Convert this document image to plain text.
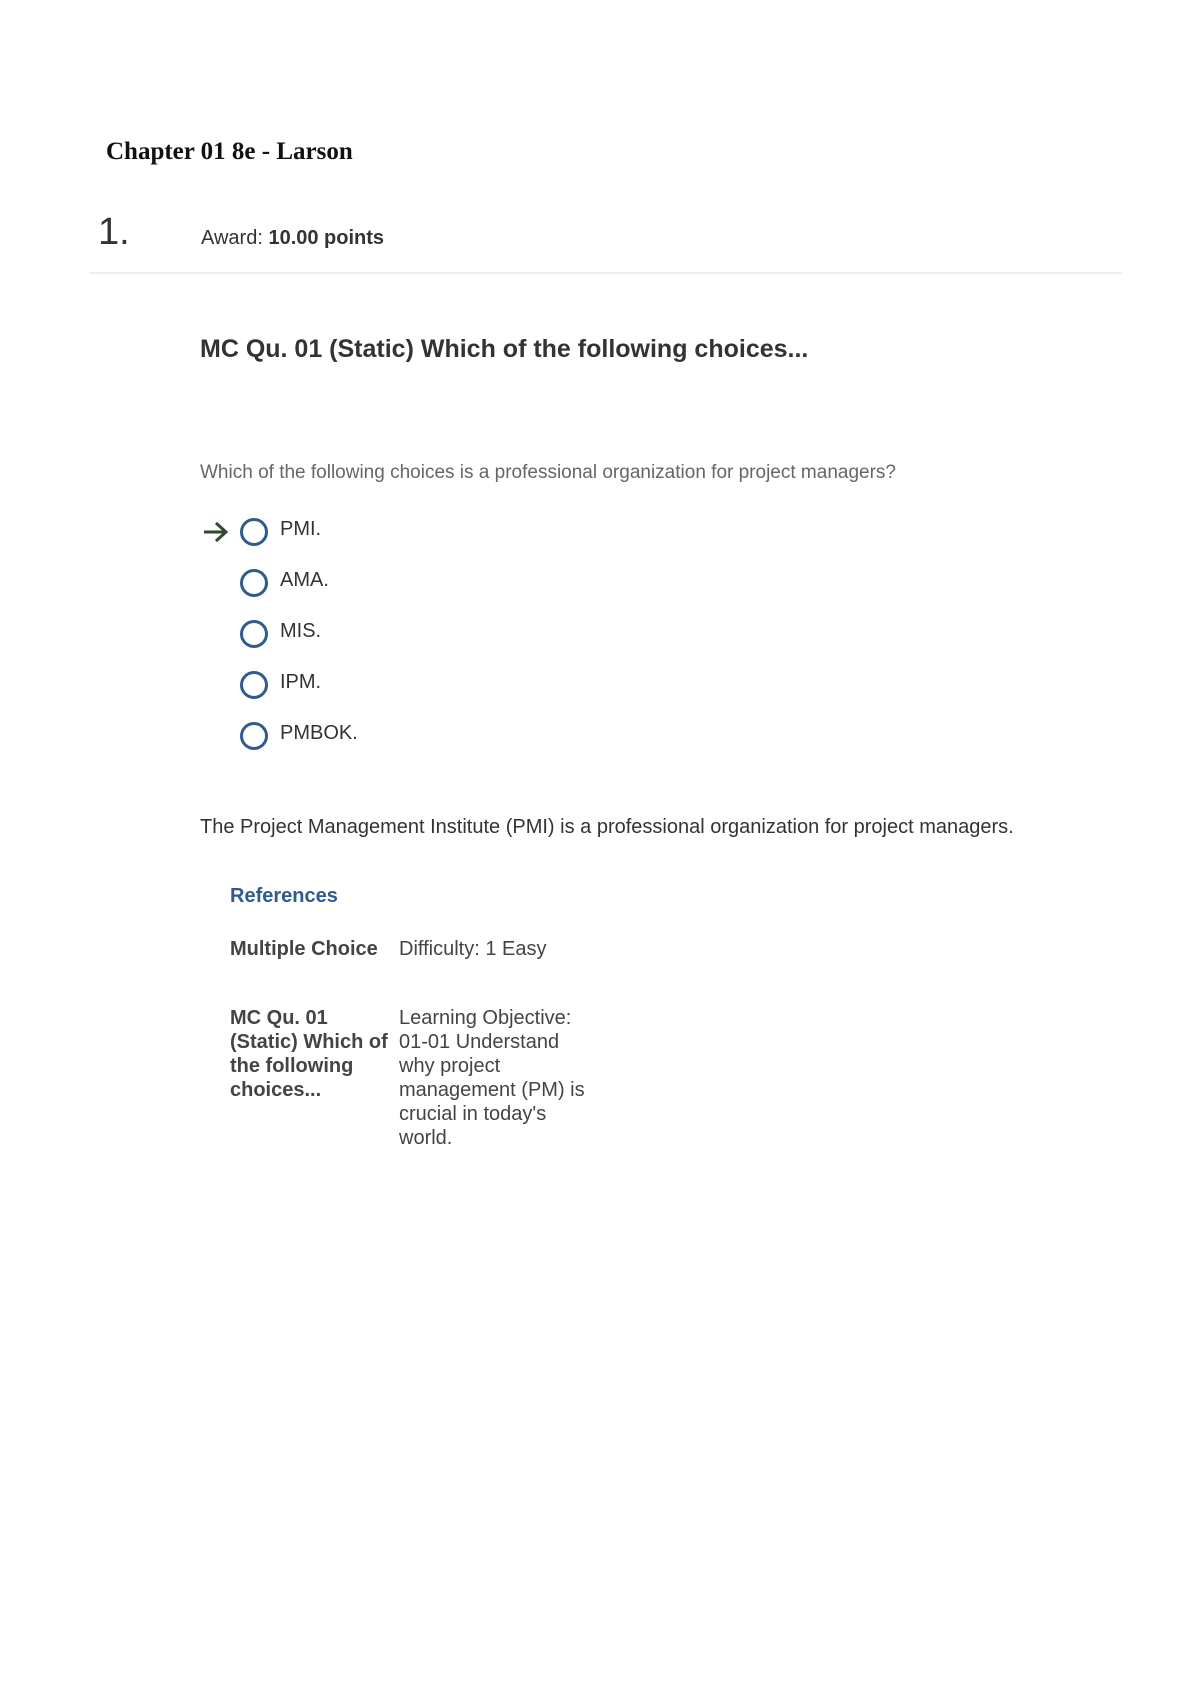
Chapter 01 8e - Larson
1.	Award: 10.00 points
MC Qu. 01 (Static) Which of the following choices...
Which of the following choices is a professional organization for project managers?
PMI.
AMA.
MIS.
IPM.
PMBOK.
The Project Management Institute (PMI) is a professional organization for project managers.
References
Multiple Choice	Difficulty: 1 Easy
MC Qu. 01 (Static) Which of the following choices...
Learning Objective: 01-01 Understand why project management (PM) is crucial in today's world.
